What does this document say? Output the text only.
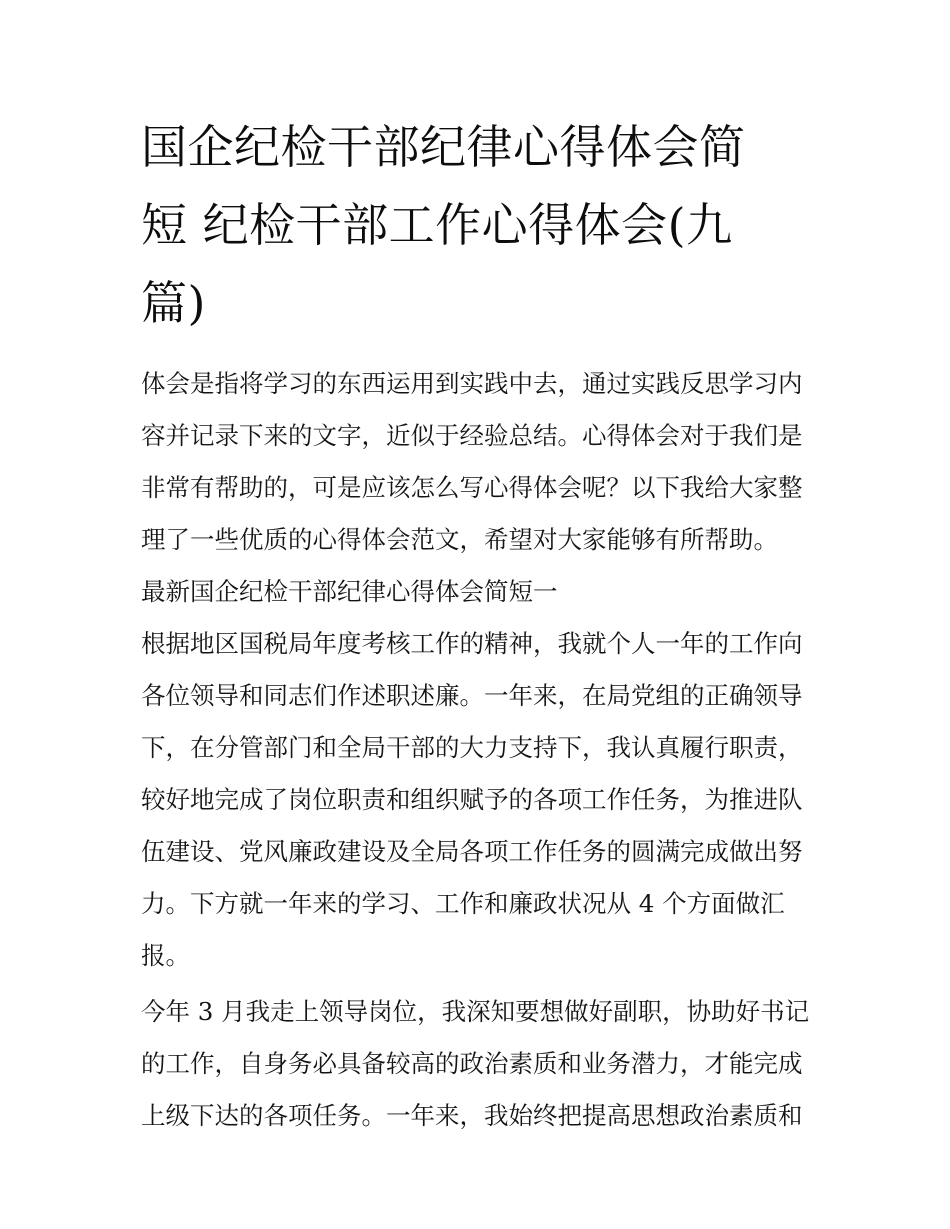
国企纪检干部纪律心得体会简
短 纪检干部工作心得体会(九
篇)

体会是指将学习的东西运用到实践中去，通过实践反思学习内
容并记录下来的文字，近似于经验总结。心得体会对于我们是
非常有帮助的，可是应该怎么写心得体会呢？以下我给大家整
理了一些优质的心得体会范文，希望对大家能够有所帮助。

最新国企纪检干部纪律心得体会简短一

根据地区国税局年度考核工作的精神，我就个人一年的工作向
各位领导和同志们作述职述廉。一年来，在局党组的正确领导
下，在分管部门和全局干部的大力支持下，我认真履行职责，
较好地完成了岗位职责和组织赋予的各项工作任务，为推进队
伍建设、党风廉政建设及全局各项工作任务的圆满完成做出努
力。下方就一年来的学习、工作和廉政状况从 4 个方面做汇
报。

今年 3 月我走上领导岗位，我深知要想做好副职，协助好书记
的工作，自身务必具备较高的政治素质和业务潜力，才能完成
上级下达的各项任务。一年来，我始终把提高思想政治素质和
